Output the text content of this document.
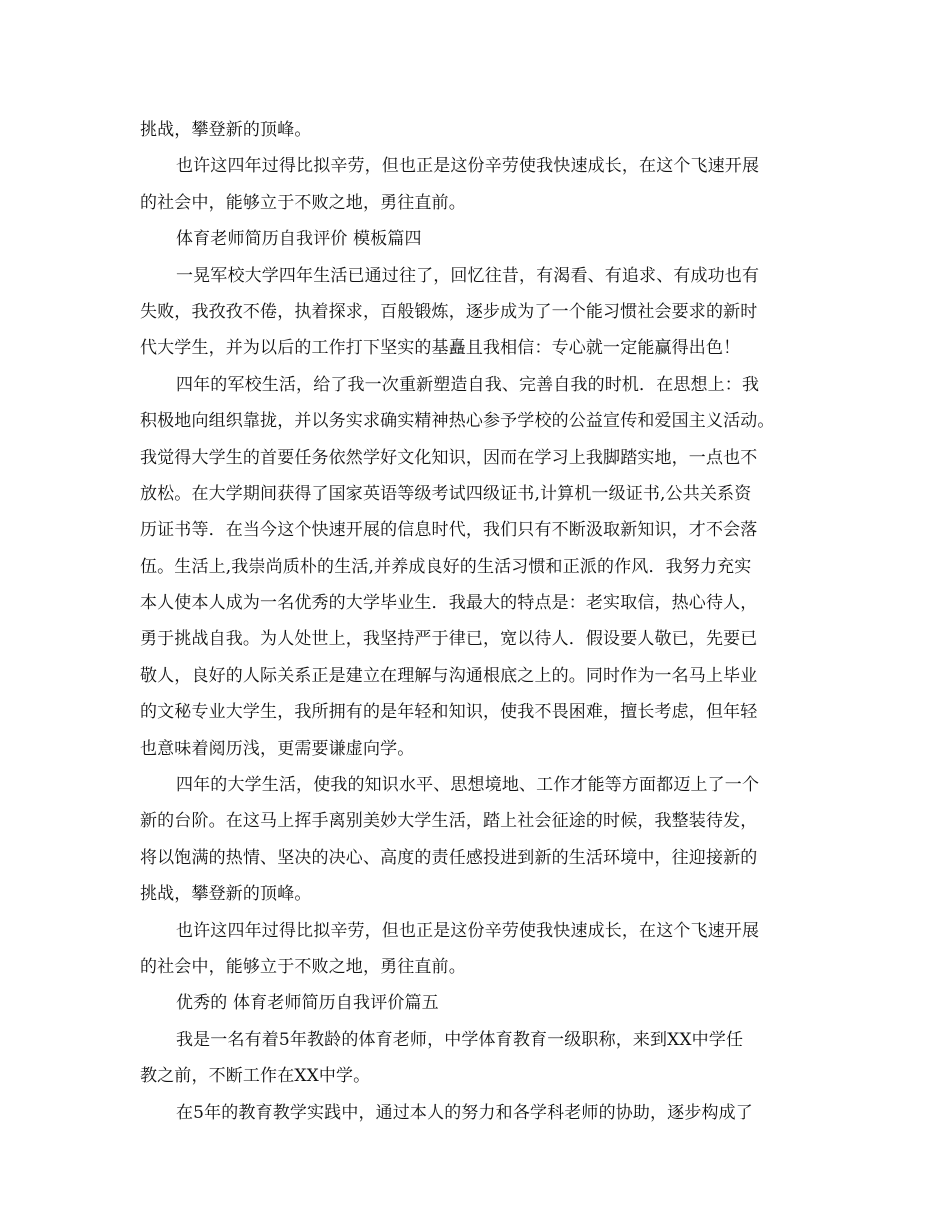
挑战，攀登新的顶峰。
也许这四年过得比拟辛劳，但也正是这份辛劳使我快速成长，在这个飞速开展
的社会中，能够立于不败之地，勇往直前。
体育老师简历自我评价 模板篇四
一晃军校大学四年生活已通过往了，回忆往昔，有渴看、有追求、有成功也有
失败，我孜孜不倦，执着探求，百般锻炼，逐步成为了一个能习惯社会要求的新时
代大学生，并为以后的工作打下坚实的基矗且我相信：专心就一定能赢得出色！
四年的军校生活，给了我一次重新塑造自我、完善自我的时机．在思想上：我
积极地向组织靠拢，并以务实求确实精神热心参予学校的公益宣传和爱国主义活动。
我觉得大学生的首要任务依然学好文化知识，因而在学习上我脚踏实地，一点也不
放松。在大学期间获得了国家英语等级考试四级证书,计算机一级证书,公共关系资
历证书等．在当今这个快速开展的信息时代，我们只有不断汲取新知识，才不会落
伍。生活上,我崇尚质朴的生活,并养成良好的生活习惯和正派的作风．我努力充实
本人使本人成为一名优秀的大学毕业生．我最大的特点是：老实取信，热心待人，
勇于挑战自我。为人处世上，我坚持严于律已，宽以待人．假设要人敬已，先要已
敬人，良好的人际关系正是建立在理解与沟通根底之上的。同时作为一名马上毕业
的文秘专业大学生，我所拥有的是年轻和知识，使我不畏困难，擅长考虑，但年轻
也意味着阅历浅，更需要谦虚向学。
四年的大学生活，使我的知识水平、思想境地、工作才能等方面都迈上了一个
新的台阶。在这马上挥手离别美妙大学生活，踏上社会征途的时候，我整装待发，
将以饱满的热情、坚决的决心、高度的责任感投进到新的生活环境中，往迎接新的
挑战，攀登新的顶峰。
也许这四年过得比拟辛劳，但也正是这份辛劳使我快速成长，在这个飞速开展
的社会中，能够立于不败之地，勇往直前。
优秀的 体育老师简历自我评价篇五
我是一名有着5年教龄的体育老师，中学体育教育一级职称，来到XX中学任
教之前，不断工作在XX中学。
在5年的教育教学实践中，通过本人的努力和各学科老师的协助，逐步构成了
